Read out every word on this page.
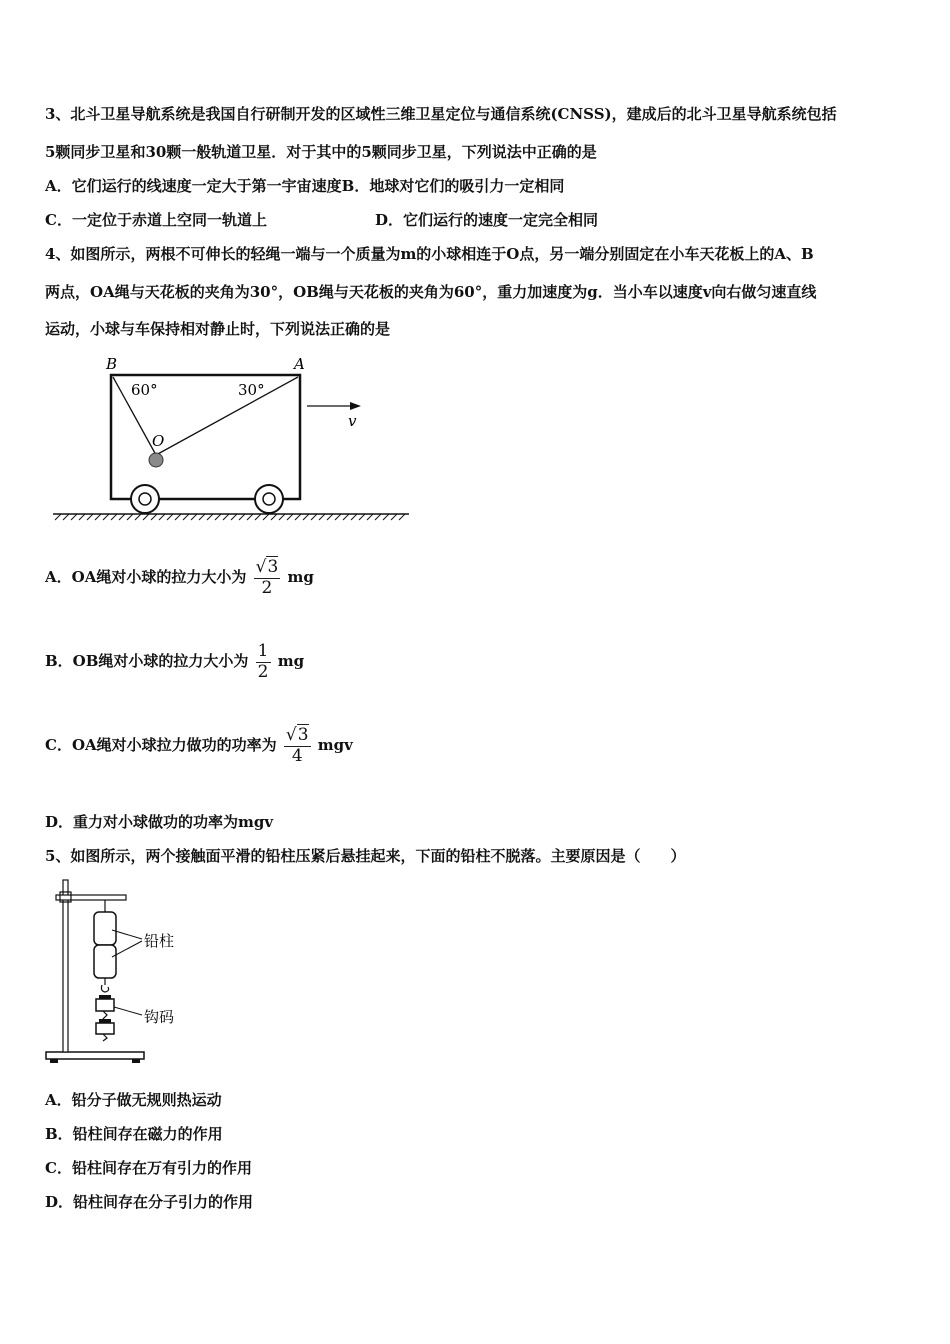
3、北斗卫星导航系统是我国自行研制开发的区域性三维卫星定位与通信系统(CNSS)，建成后的北斗卫星导航系统包括
5颗同步卫星和30颗一般轨道卫星．对于其中的5颗同步卫星，下列说法中正确的是
A．它们运行的线速度一定大于第一宇宙速度B．地球对它们的吸引力一定相同
C．一定位于赤道上空同一轨道上	D．它们运行的速度一定完全相同
4、如图所示，两根不可伸长的轻绳一端与一个质量为m的小球相连于O点，另一端分别固定在小车天花板上的A、B
两点，OA绳与天花板的夹角为30°，OB绳与天花板的夹角为60°，重力加速度为g．当小车以速度v向右做匀速直线
运动，小球与车保持相对静止时，下列说法正确的是
B	A
60°	30°
O
v
A．OA绳对小球的拉力大小为 $\frac{√3}{2}$ mg
B．OB绳对小球的拉力大小为 $\frac{1}{2}$ mg
C．OA绳对小球拉力做功的功率为 $\frac{√3}{4}$ mgv
D．重力对小球做功的功率为mgv
5、如图所示，两个接触面平滑的铅柱压紧后悬挂起来，下面的铅柱不脱落。主要原因是（　　）
铅柱
钩码
A．铅分子做无规则热运动
B．铅柱间存在磁力的作用
C．铅柱间存在万有引力的作用
D．铅柱间存在分子引力的作用
